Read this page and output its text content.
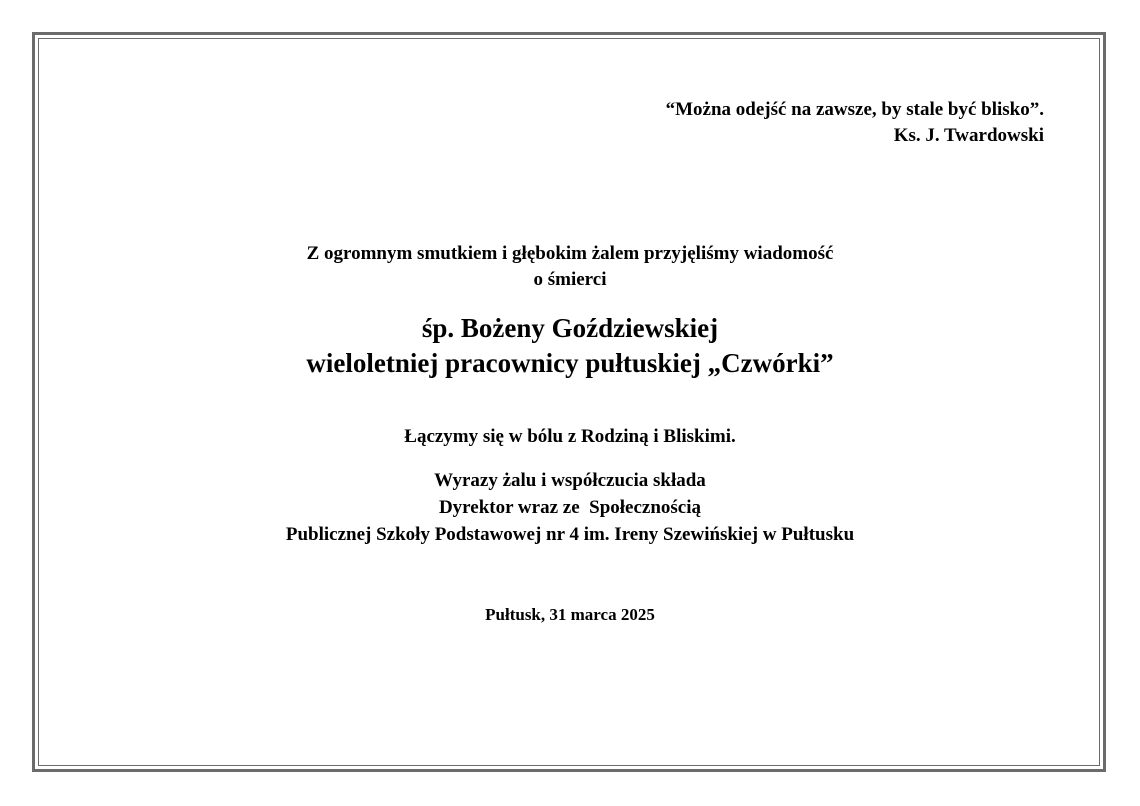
“Można odejść na zawsze, by stale być blisko”.
Ks. J. Twardowski
Z ogromnym smutkiem i głębokim żalem przyjęliśmy wiadomość
o śmierci
śp. Bożeny Goździewskiej
wieloletniej pracownicy pułtuskiej „Czwórki”
Łączymy się w bólu z Rodziną i Bliskimi.
Wyrazy żalu i współczucia składa
Dyrektor wraz ze  Społecznością
Publicznej Szkoły Podstawowej nr 4 im. Ireny Szewińskiej w Pułtusku
Pułtusk, 31 marca 2025
